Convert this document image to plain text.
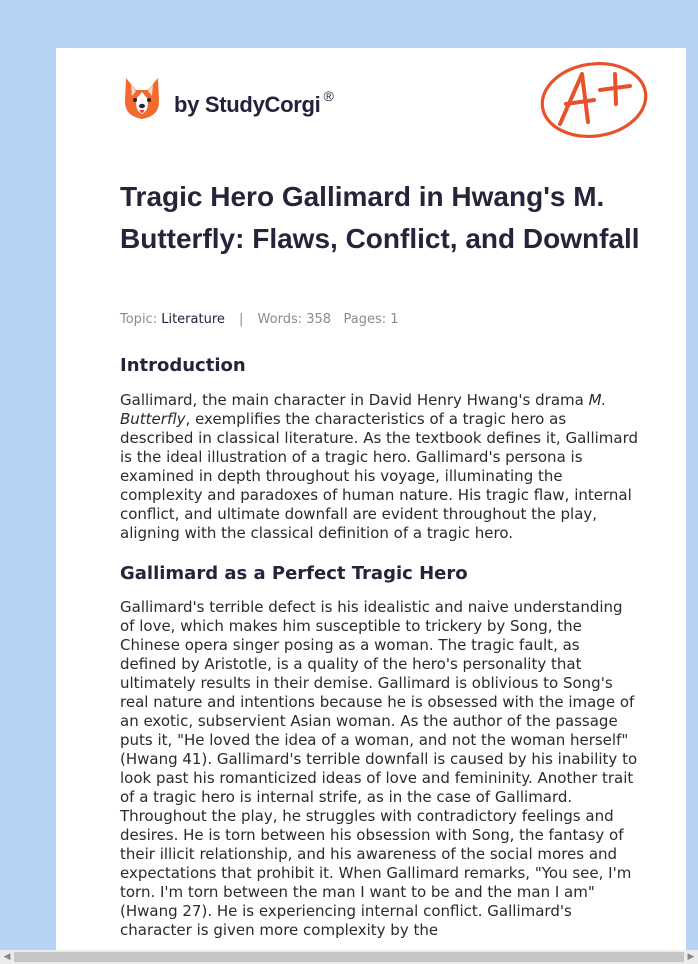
by StudyCorgi ®
Tragic Hero Gallimard in Hwang's M. Butterfly: Flaws, Conflict, and Downfall
Topic: Literature | Words: 358 Pages: 1
Introduction

Gallimard, the main character in David Henry Hwang's drama M. Butterfly, exemplifies the characteristics of a tragic hero as described in classical literature. As the textbook defines it, Gallimard is the ideal illustration of a tragic hero. Gallimard's persona is examined in depth throughout his voyage, illuminating the complexity and paradoxes of human nature. His tragic flaw, internal conflict, and ultimate downfall are evident throughout the play, aligning with the classical definition of a tragic hero.

Gallimard as a Perfect Tragic Hero

Gallimard's terrible defect is his idealistic and naive understanding of love, which makes him susceptible to trickery by Song, the Chinese opera singer posing as a woman. The tragic fault, as defined by Aristotle, is a quality of the hero's personality that ultimately results in their demise. Gallimard is oblivious to Song's real nature and intentions because he is obsessed with the image of an exotic, subservient Asian woman. As the author of the passage puts it, "He loved the idea of a woman, and not the woman herself" (Hwang 41). Gallimard's terrible downfall is caused by his inability to look past his romanticized ideas of love and femininity. Another trait of a tragic hero is internal strife, as in the case of Gallimard. Throughout the play, he struggles with contradictory feelings and desires. He is torn between his obsession with Song, the fantasy of their illicit relationship, and his awareness of the social mores and expectations that prohibit it. When Gallimard remarks, "You see, I'm torn. I'm torn between the man I want to be and the man I am" (Hwang 27). He is experiencing internal conflict. Gallimard's character is given more complexity by the

◀	▶
